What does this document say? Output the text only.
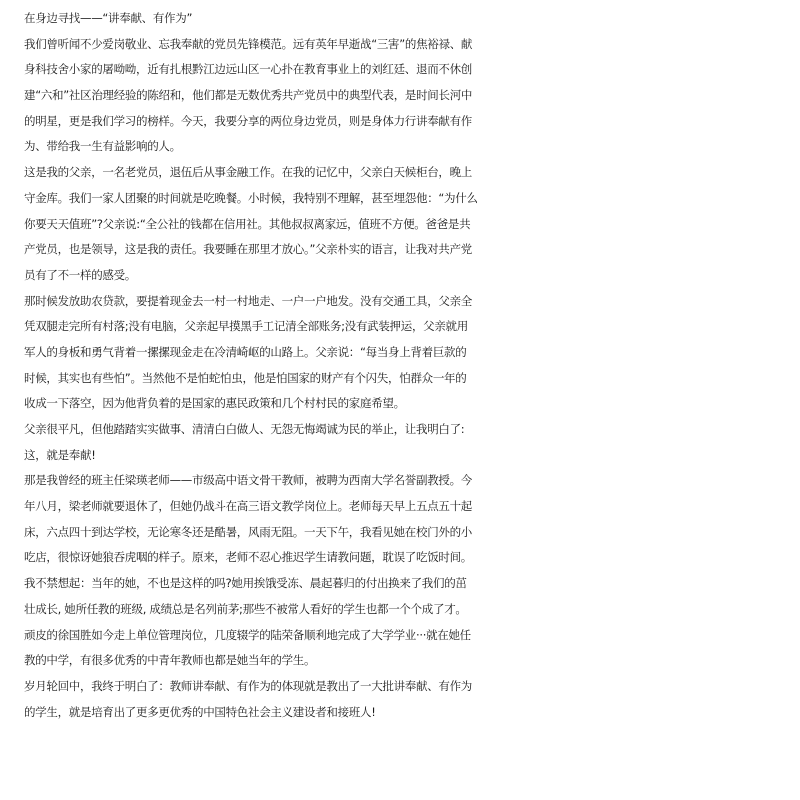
在身边寻找——“讲奉献、有作为”
我们曾听闻不少爱岗敬业、忘我奉献的党员先锋模范。远有英年早逝战“三害”的焦裕禄、献
身科技舍小家的屠呦呦，近有扎根黔江边远山区一心扑在教育事业上的刘红廷、退而不休创
建“六和”社区治理经验的陈绍和，他们都是无数优秀共产党员中的典型代表，是时间长河中
的明星，更是我们学习的榜样。今天，我要分享的两位身边党员，则是身体力行讲奉献有作
为、带给我一生有益影响的人。
这是我的父亲，一名老党员，退伍后从事金融工作。在我的记忆中，父亲白天候柜台，晚上
守金库。我们一家人团聚的时间就是吃晚餐。小时候，我特别不理解，甚至埋怨他：“为什么
你要天天值班”?父亲说:“全公社的钱都在信用社。其他叔叔离家远，值班不方便。爸爸是共
产党员，也是领导，这是我的责任。我要睡在那里才放心。”父亲朴实的语言，让我对共产党
员有了不一样的感受。
那时候发放助农贷款，要提着现金去一村一村地走、一户一户地发。没有交通工具，父亲全
凭双腿走完所有村落;没有电脑，父亲起早摸黑手工记清全部账务;没有武装押运，父亲就用
军人的身板和勇气背着一摞摞现金走在冷清崎岖的山路上。父亲说：“每当身上背着巨款的
时候，其实也有些怕”。当然他不是怕蛇怕虫，他是怕国家的财产有个闪失，怕群众一年的
收成一下落空，因为他背负着的是国家的惠民政策和几个村村民的家庭希望。
父亲很平凡，但他踏踏实实做事、清清白白做人、无怨无悔竭诚为民的举止，让我明白了:
这，就是奉献!
那是我曾经的班主任梁瑛老师——市级高中语文骨干教师，被聘为西南大学名誉副教授。今
年八月，梁老师就要退休了，但她仍战斗在高三语文教学岗位上。老师每天早上五点五十起
床，六点四十到达学校，无论寒冬还是酷暑，风雨无阻。一天下午，我看见她在校门外的小
吃店，很惊讶她狼吞虎咽的样子。原来，老师不忍心推迟学生请教问题，耽误了吃饭时间。
我不禁想起：当年的她，不也是这样的吗?她用挨饿受冻、晨起暮归的付出换来了我们的茁
壮成长, 她所任教的班级, 成绩总是名列前茅;那些不被常人看好的学生也都一个个成了才。
顽皮的徐国胜如今走上单位管理岗位，几度辍学的陆荣备顺利地完成了大学学业···就在她任
教的中学，有很多优秀的中青年教师也都是她当年的学生。
岁月轮回中，我终于明白了：教师讲奉献、有作为的体现就是教出了一大批讲奉献、有作为
的学生，就是培育出了更多更优秀的中国特色社会主义建设者和接班人!
